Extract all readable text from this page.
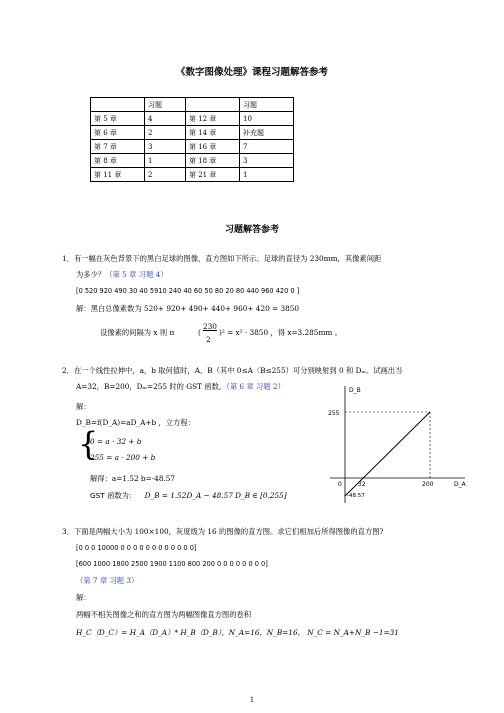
《数字图像处理》课程习题解答参考
	习题		习题
第 5 章	4	第 12 章	10
第 6 章	2	第 14 章	补充题
第 7 章	3	第 16 章	7
第 8 章	1	第 18 章	3
第 11 章	2	第 21 章	1
习题解答参考
1．有一幅在灰色背景下的黑白足球的图像，直方图如下所示。足球的直径为 230mm，其像素间距
为多少？（第 5 章 习题 4）
[0 520 920 490 30 40 5910 240 40 60 50 80 20 80 440 960 420 0 ]
解：黑白总像素数为 520+ 920+ 490+ 440+ 960+ 420 = 3850
设像素的间隔为 x 则 π	(
230
2
)² = x² · 3850 ，得 x=3.285mm 。
2．在一个线性拉伸中，a，b 取何值时，A、B（其中 0≤A〈B≤255）可分别映射到 0 和 Dₘ。试画出当
A=32，B=200，Dₘ=255 时的 GST 函数。（第 6 章 习题 2）
解：
D_B=f(D_A)=aD_A+b ，立方程：
{
0 = a · 32 + b
255 = a · 200 + b
解得：a=1.52 b=-48.57
GST 函数为： D_B = 1.52D_A − 48.57 D_B ∈ [0,255]
D_B
255
0	32	200	D_A
-48.57
3．下面是两幅大小为 100×100，灰度级为 16 的图像的直方图。求它们相加后所得图像的直方图?
[0 0 0 10000 0 0 0 0 0 0 0 0 0 0 0 0]
[600 1000 1800 2500 1900 1100 800 200 0 0 0 0 0 0 0 0]
（第 7 章 习题 3）
解：
两幅不相关图像之和的直方图为两幅图像直方图的卷积
H_C（D_C）= H_A（D_A）* H_B（D_B），N_A=16，N_B=16， N_C = N_A+N_B −1=31
1
